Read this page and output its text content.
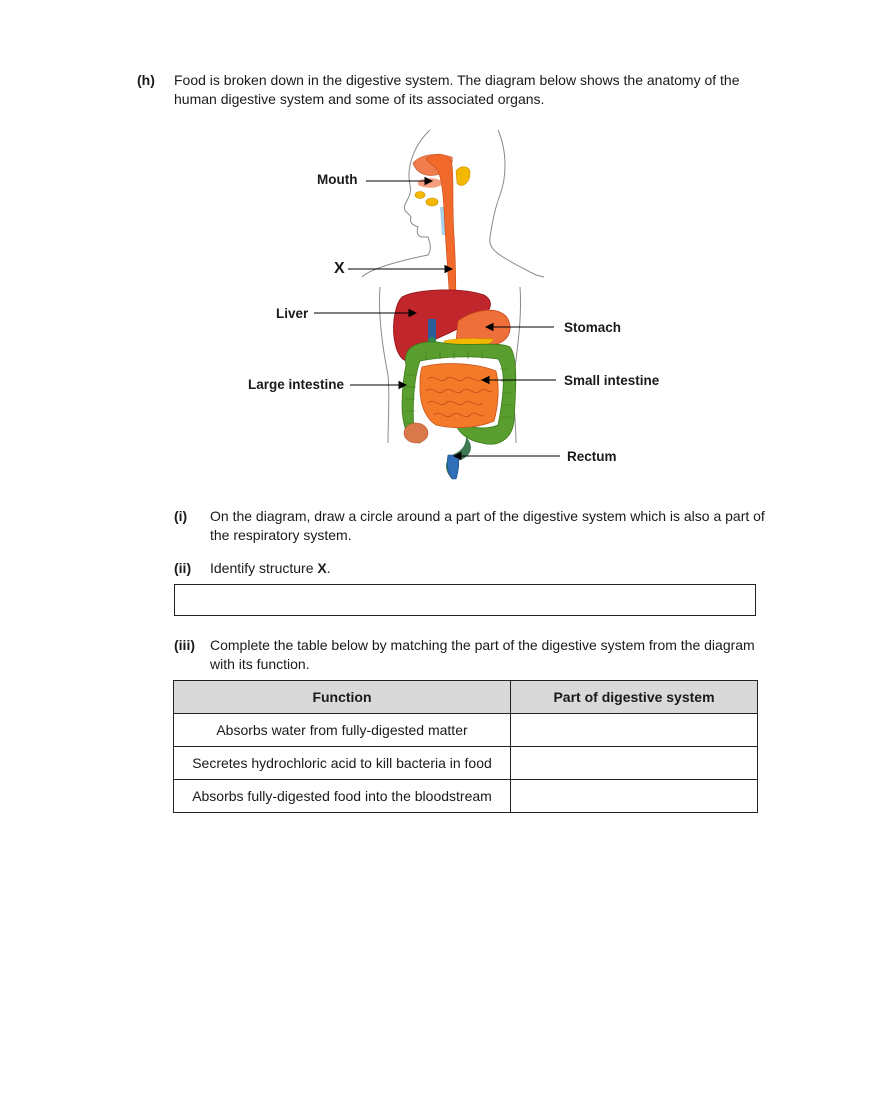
(h) Food is broken down in the digestive system. The diagram below shows the anatomy of the human digestive system and some of its associated organs.
Mouth
X
Liver
Stomach
Large intestine	Small intestine
Rectum
(i) On the diagram, draw a circle around a part of the digestive system which is also a part of the respiratory system.
(ii) Identify structure X.
(iii) Complete the table below by matching the part of the digestive system from the diagram with its function.
Function	Part of digestive system
Absorbs water from fully-digested matter	
Secretes hydrochloric acid to kill bacteria in food	
Absorbs fully-digested food into the bloodstream	
